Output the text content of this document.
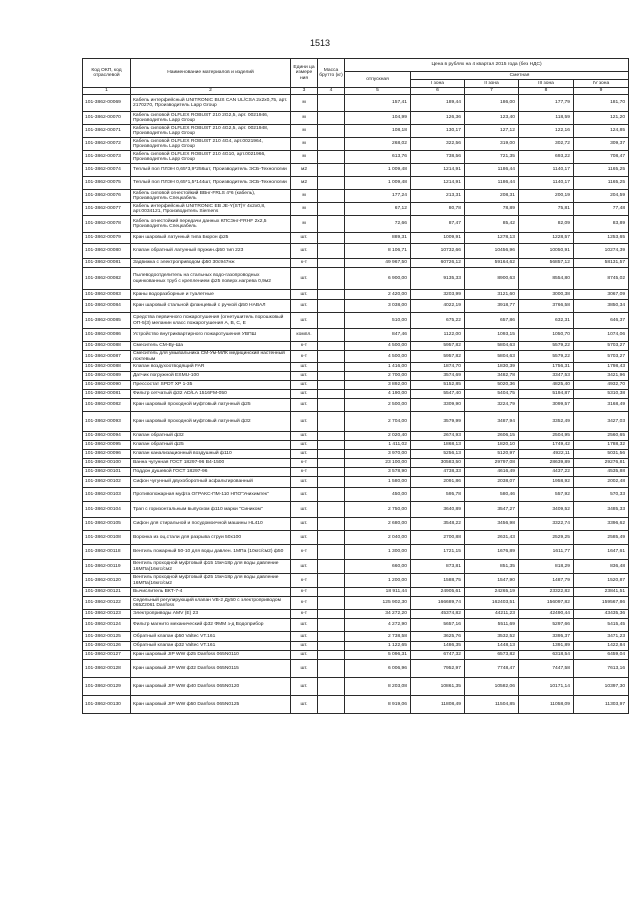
1513
Код ОКП, код отраслевой	Наименование материалов и изделий	Едини ца измере ния	Масса брутто (кг)	Цена в рублях на 4 квартал 2015 года (без НДС)				
				отпускная	Сметная			
					I зона	II зона	III зона	IV зона
1	2	3	4	5	6	7	8	9
101-3862-00069	Кабель интерфейсный UNITRONIC BUS CAN UL/CSA 2x2x0,75, арт. 2170270, Производитель Lapp Group	м		157,41	189,44	186,00	177,79	181,70
101-3862-00070	Кабель силовой OLFLEX ROBUST 210 2G2,5, арт. 0021946, Производитель Lapp Group	м		104,99	126,36	123,40	118,59	121,20
101-3862-00071	Кабель силовой OLFLEX ROBUST 210 4G2,5, арт. 0021948, Производитель Lapp Group	м		108,18	130,17	127,12	122,16	124,85
101-3862-00072	Кабель силовой OLFLEX ROBUST 210 4G4, арт.0021964, Производитель Lapp Group	м		268,02	322,56	319,00	302,72	309,37
101-3862-00073	Кабель силовой OLFLEX ROBUST 210 4G10, арт.0021966, Производитель Lapp Group	м		613,76	738,56	721,35	693,22	708,47
101-3862-00074	Теплый пол ПЛЭН 0,65*3,9*256шт, Производитель ЭСБ-Технологии	м2		1 009,48	1214,91	1186,44	1140,17	1165,25
101-3862-00075	Теплый пол ПЛЭН 0,65*1,5*144шт, Производитель ЭСБ-Технологии	м2		1 009,48	1214,91	1186,44	1140,17	1165,25
101-3862-00076	Кабель силовой огнестойкий ВВнг-FRLS 4*6 (кабель), Производитель Спецкабель	м		177,24	213,31	208,31	200,19	204,59
101-3862-00077	Кабель интерфейсный UNITRONIC EB JE-Y(ST)Y 4x2x0,8, арт.0034121, Производитель Siemens	м		67,12	80,78	78,89	75,81	77,48
101-3862-00078	Кабель огнестойкий передачи данных КПСЭнг-FRHF 2x2,5 Производитель Спецкабель	м		72,66	87,47	85,42	82,09	83,89
101-3862-00079	Кран шаровый латунный типа Бюрон ф25	шт.		889,31	1009,91	1278,13	1228,57	1253,65
101-3862-00080	Клапан обратный латунный пружин.ф50 тип 223	шт.		8 106,71	10732,66	10456,96	10050,91	10274,39
101-3862-00081	Задвижка с электроприводом ф50 30с947нж	к-т		49 967,50	60726,12	59164,62	56857,12	58131,57
101-3862-00082	Пылеводоотделитель на стальных водо-газопроводных оцинкованных труб с креплением ф25 поверх.нагрева 0,9м2	шт.		6 900,00	9135,33	8900,63	8554,80	8745,02
101-3862-00083	Краны водоразборные и туалетные	шт.		2 420,00	3203,99	3121,60	3000,38	3067,09
101-3862-00084	Кран шаровый стальной фланцевый с ручкой ф50 НАВАЛ	шт.		3 038,00	4022,19	3918,77	3766,58	3850,34
101-3862-00085	Средства первичного пожаротушения (огнетушитель порошковый ОП-5(3) меланин класс пожаротушения А, В, С, Е	шт.		510,00	675,22	657,86	632,31	646,37
101-3862-00086	Устройство внутриквартирного пожаротушения УВПШ	компл.		847,46	1122,00	1093,15	1050,70	1074,06
101-3862-00088	Смеситель СМ-Ву-Ша	к-т		4 500,00	5957,82	5804,63	5579,22	5703,27
101-3862-00087	Смеситель для умывальника СМ-Ум-МЛК медицинский настенный локтевым	к-т		4 500,00	5957,82	5804,63	5579,22	5703,27
101-3862-00088	Клапан воздухоотводящий FAR	шт.		1 416,00	1874,70	1830,39	1756,31	1798,43
101-3862-00089	Датчик погружной ESMU-100	шт.		2 700,00	3574,69	3482,78	3347,53	3421,96
101-3862-00090	Прессостат SPDT XP 1-35	шт.		3 892,00	5152,85	5020,36	4825,40	4932,70
101-3862-00081	Фильтр сетчатый ф32 AD/LA 1516FM-050	шт.		4 190,00	5547,40	5404,75	5194,87	5310,38
101-3862-00082	Кран шаровый проходной муфтовый латунный ф25	шт.		2 500,00	3309,90	3224,79	3099,57	3168,49
101-3862-00093	Кран шаровый проходной муфтовый латунный ф32	шт.		2 704,00	3579,99	3487,94	3352,49	3427,03
101-3862-00094	Клапан обратный ф32	шт.		2 020,40	2674,93	2606,15	2504,95	2560,65
101-3862-00095	Клапан обратный ф25	шт.		1 411,02	1868,13	1820,10	1749,42	1788,32
101-3862-00096	Клапан канализационный воздушный ф110	шт.		3 970,00	5256,13	5120,97	4922,11	5031,56
101-3862-00100	Ванна чугунная ГОСТ 18297-96 В4-1500	к-т		23 100,00	30583,50	29797,08	28639,89	29276,81
101-3862-00101	Поддон душевой ГОСТ 18297-96	к-т		3 578,90	4738,33	4616,49	4437,22	4535,88
101-3862-00102	Сифон чугунный двухоборотный асфальтированный	шт.		1 580,00	2091,86	2038,07	1958,92	2002,48
101-3862-00103	Противопожарная муфта ОГРАКС-ПМ-110 НПО"Унихимтек"	шт.		450,00	595,78	580,46	557,92	570,33
101-3862-00104	Трап с горизонтальным выпуском ф110 марки "Сиником"	шт.		2 750,00	3640,89	3547,27	3409,52	3485,33
101-3862-00105	Сифон для стиральной и посудомоечной машины НL410	шт.		2 680,00	3548,22	3456,98	3322,74	3396,62
101-3862-00108	Воронка из оц.стали для разрыва струи 50х100	шт.		2 040,00	2700,88	2631,43	2529,25	2585,49
101-3862-00118	Вентиль пожарный 50-10 для воды давлен. 1МПа (10кгс/см2) ф50	к-т		1 300,00	1721,15	1676,89	1611,77	1647,61
101-3862-00119	Вентиль проходной муфтовый ф15 15кч18р для воды давление 16МПа(16кгс/см2	шт.		660,00	873,81	851,35	818,29	836,48
101-3862-00120	Вентиль проходной муфтовый ф25 15кч18р для воды давление 16МПа(16кгс/см2	к-т		1 200,00	1588,75	1547,90	1487,79	1520,87
101-3862-00121	Вычислитель ВКТ-7-4	к-т		18 911,44	24905,61	24265,19	23322,82	23841,51
101-3862-00122	Седельный регулирующий клапан VB-2 Ду50 с электроприводом 065Z2061 Danfoss	к-т		125 902,30	166689,74	162403,51	156097,82	159567,86
101-3862-00123	Электроприводы AMV (Е) 23	к-т		34 272,20	45374,82	44211,23	42490,44	43435,36
101-3862-00124	Фильтр магнито механический ф32 ФММ з-д Водоприбор	шт.		4 272,90	5657,16	5511,69	5297,66	5415,45
101-3862-00125	Обратный клапан ф50 Valtec VT.161	шт.		2 738,58	3625,76	3532,52	3395,37	3471,23
101-3862-00126	Обратный клапан ф32 Valtec VT.161	шт.		1 122,65	1486,35	1448,13	1391,89	1422,84
101-3862-00127	Кран шаровый JIP WW ф25 Danfoss 065N0110	шт.		5 096,31	6747,32	6573,82	6318,54	6459,04
101-3862-00128	Кран шаровый JIP WW ф32 Danfoss 065N0115	шт.		6 006,96	7952,97	7748,47	7447,58	7613,16
101-3862-00129	Кран шаровый JIP WW ф40 Danfoss 065N0120	шт.		8 203,08	10861,35	10582,06	10171,14	10397,30
101-3862-00130	Кран шаровый JIP WW ф50 Danfoss 065N0125	шт.		8 919,06	11808,49	11504,85	11058,09	11303,97
